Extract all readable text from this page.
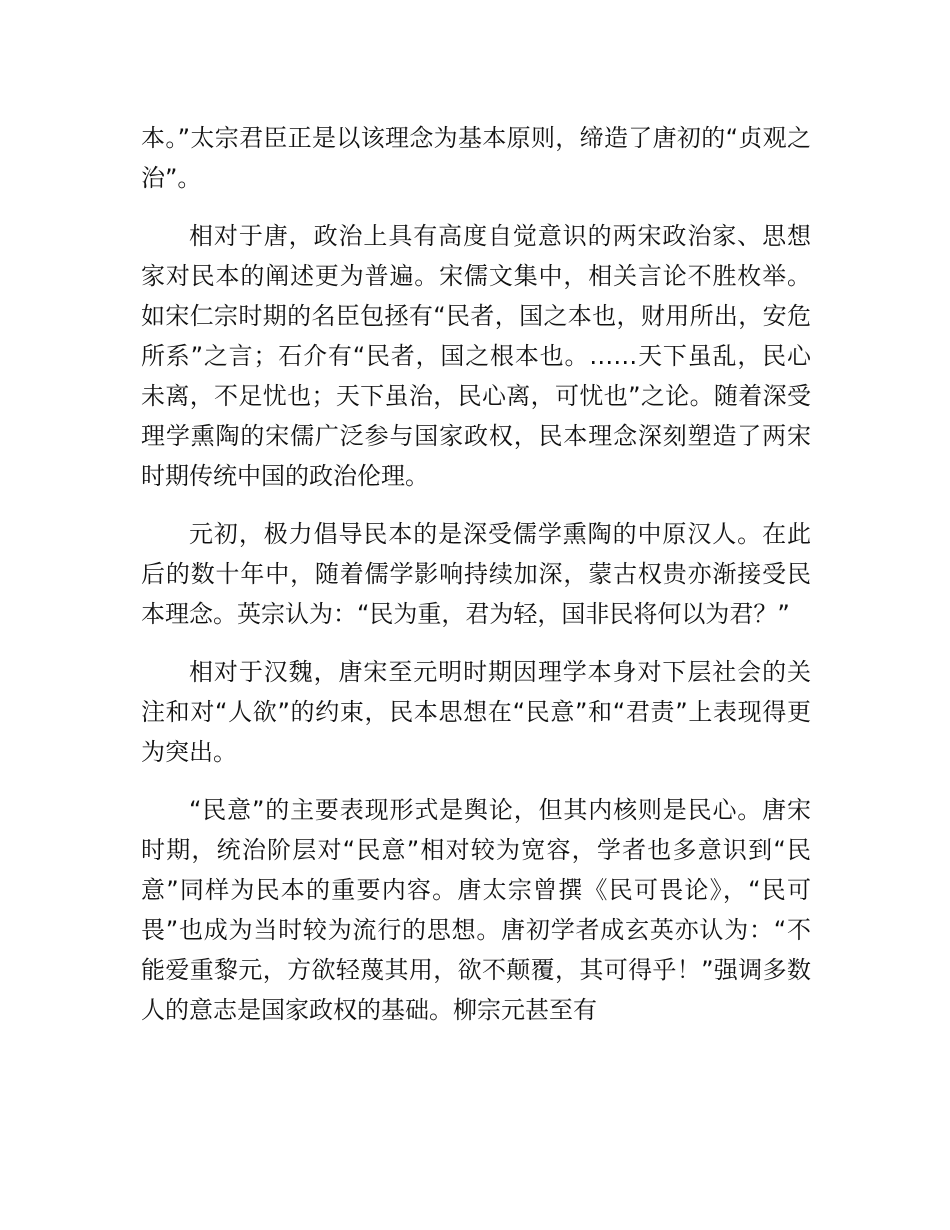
本。”太宗君臣正是以该理念为基本原则，缔造了唐初的“贞观之治”。

相对于唐，政治上具有高度自觉意识的两宋政治家、思想家对民本的阐述更为普遍。宋儒文集中，相关言论不胜枚举。如宋仁宗时期的名臣包拯有“民者，国之本也，财用所出，安危所系”之言；石介有“民者，国之根本也。……天下虽乱，民心未离，不足忧也；天下虽治，民心离，可忧也”之论。随着深受理学熏陶的宋儒广泛参与国家政权，民本理念深刻塑造了两宋时期传统中国的政治伦理。

元初，极力倡导民本的是深受儒学熏陶的中原汉人。在此后的数十年中，随着儒学影响持续加深，蒙古权贵亦渐接受民本理念。英宗认为：“民为重，君为轻，国非民将何以为君？”

相对于汉魏，唐宋至元明时期因理学本身对下层社会的关注和对“人欲”的约束，民本思想在“民意”和“君责”上表现得更为突出。

“民意”的主要表现形式是舆论，但其内核则是民心。唐宋时期，统治阶层对“民意”相对较为宽容，学者也多意识到“民意”同样为民本的重要内容。唐太宗曾撰《民可畏论》，“民可畏”也成为当时较为流行的思想。唐初学者成玄英亦认为：“不能爱重黎元，方欲轻蔑其用，欲不颠覆，其可得乎！”强调多数人的意志是国家政权的基础。柳宗元甚至有
